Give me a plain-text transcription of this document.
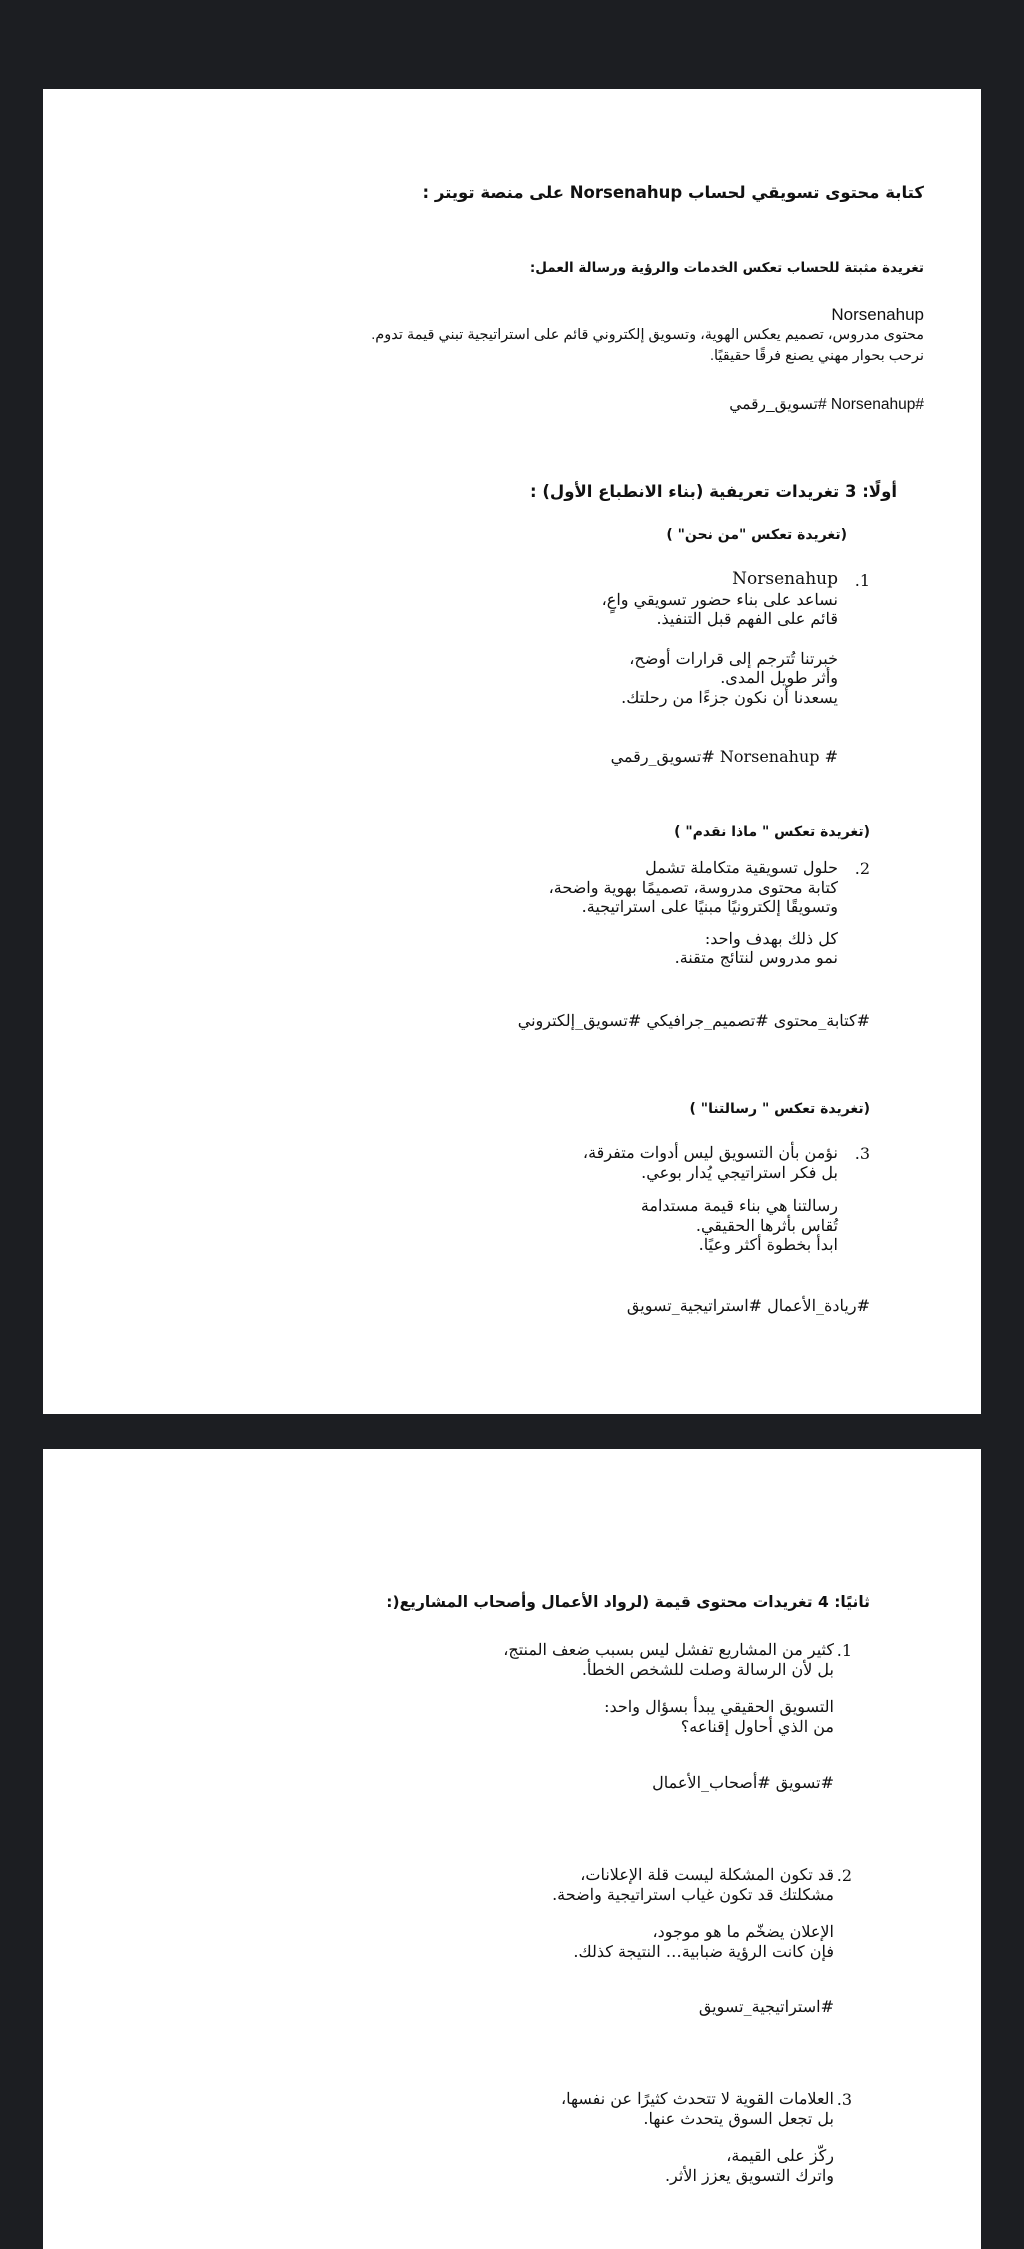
كتابة محتوى تسويقي لحساب Norsenahup على منصة تويتر :
تغريدة مثبتة للحساب تعكس الخدمات والرؤية ورسالة العمل:
Norsenahup
محتوى مدروس، تصميم يعكس الهوية، وتسويق إلكتروني قائم على استراتيجية تبني قيمة تدوم.
نرحب بحوار مهني يصنع فرقًا حقيقيًا.
#Norsenahup #تسويق_رقمي
أولًا: 3 تغريدات تعريفية (بناء الانطباع الأول) :
(تغريدة تعكس "من نحن" )
1.
Norsenahup
نساعد على بناء حضور تسويقي واعٍ،
قائم على الفهم قبل التنفيذ.
خبرتنا تُترجم إلى قرارات أوضح،
وأثر طويل المدى.
يسعدنا أن نكون جزءًا من رحلتك.
# Norsenahup #تسويق_رقمي
(تغريدة تعكس " ماذا نقدم" )
2.
حلول تسويقية متكاملة تشمل
كتابة محتوى مدروسة، تصميمًا بهوية واضحة،
وتسويقًا إلكترونيًا مبنيًا على استراتيجية.
كل ذلك بهدف واحد:
نمو مدروس لنتائج متقنة.
#كتابة_محتوى #تصميم_جرافيكي #تسويق_إلكتروني
(تغريدة تعكس " رسالتنا" )
3.
نؤمن بأن التسويق ليس أدوات متفرقة،
بل فكر استراتيجي يُدار بوعي.
رسالتنا هي بناء قيمة مستدامة
تُقاس بأثرها الحقيقي.
ابدأ بخطوة أكثر وعيًا.
#ريادة_الأعمال #استراتيجية_تسويق
ثانيًا: 4 تغريدات محتوى قيمة (لرواد الأعمال وأصحاب المشاريع(:
1.
كثير من المشاريع تفشل ليس بسبب ضعف المنتج،
بل لأن الرسالة وصلت للشخص الخطأ.
التسويق الحقيقي يبدأ بسؤال واحد:
من الذي أحاول إقناعه؟
#تسويق #أصحاب_الأعمال
2.
قد تكون المشكلة ليست قلة الإعلانات،
مشكلتك قد تكون غياب استراتيجية واضحة.
الإعلان يضخّم ما هو موجود،
فإن كانت الرؤية ضبابية… النتيجة كذلك.
#استراتيجية_تسويق
3.
العلامات القوية لا تتحدث كثيرًا عن نفسها،
بل تجعل السوق يتحدث عنها.
ركّز على القيمة،
واترك التسويق يعزز الأثر.
